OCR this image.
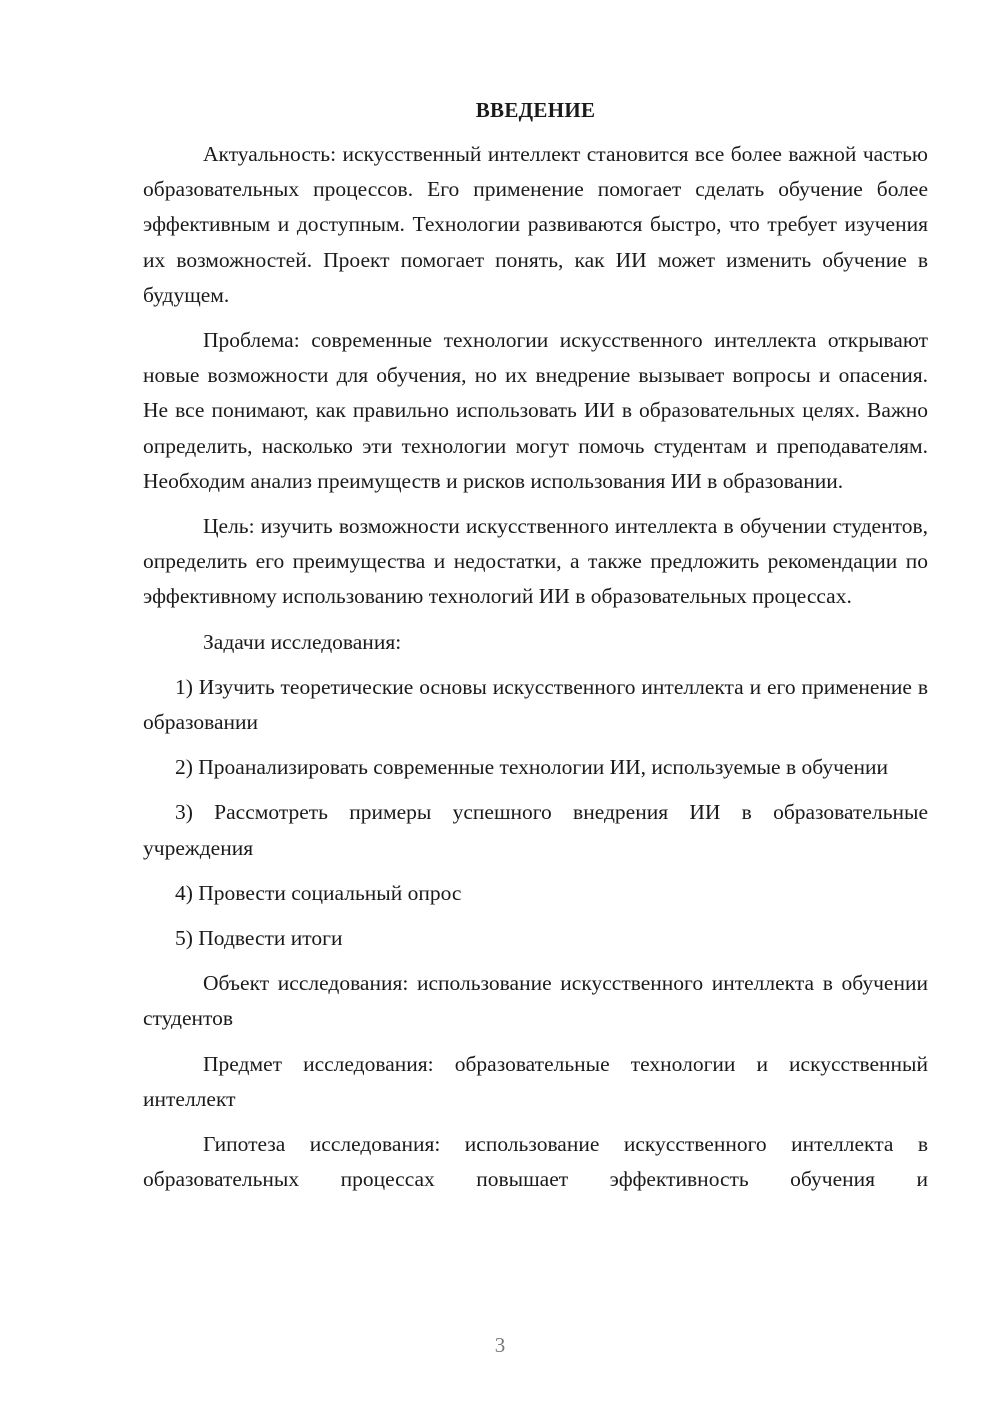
ВВЕДЕНИЕ

Актуальность: искусственный интеллект становится все более важной частью образовательных процессов. Его применение помогает сделать обучение более эффективным и доступным. Технологии развиваются быстро, что требует изучения их возможностей. Проект помогает понять, как ИИ может изменить обучение в будущем.

Проблема: современные технологии искусственного интеллекта открывают новые возможности для обучения, но их внедрение вызывает вопросы и опасения. Не все понимают, как правильно использовать ИИ в образовательных целях. Важно определить, насколько эти технологии могут помочь студентам и преподавателям. Необходим анализ преимуществ и рисков использования ИИ в образовании.

Цель: изучить возможности искусственного интеллекта в обучении студентов, определить его преимущества и недостатки, а также предложить рекомендации по эффективному использованию технологий ИИ в образовательных процессах.

Задачи исследования:

1) Изучить теоретические основы искусственного интеллекта и его применение в образовании

2) Проанализировать современные технологии ИИ, используемые в обучении

3) Рассмотреть примеры успешного внедрения ИИ в образовательные учреждения

4) Провести социальный опрос

5) Подвести итоги

Объект исследования: использование искусственного интеллекта в обучении студентов

Предмет исследования: образовательные технологии и искусственный интеллект

Гипотеза исследования: использование искусственного интеллекта в образовательных процессах повышает эффективность обучения и

3
